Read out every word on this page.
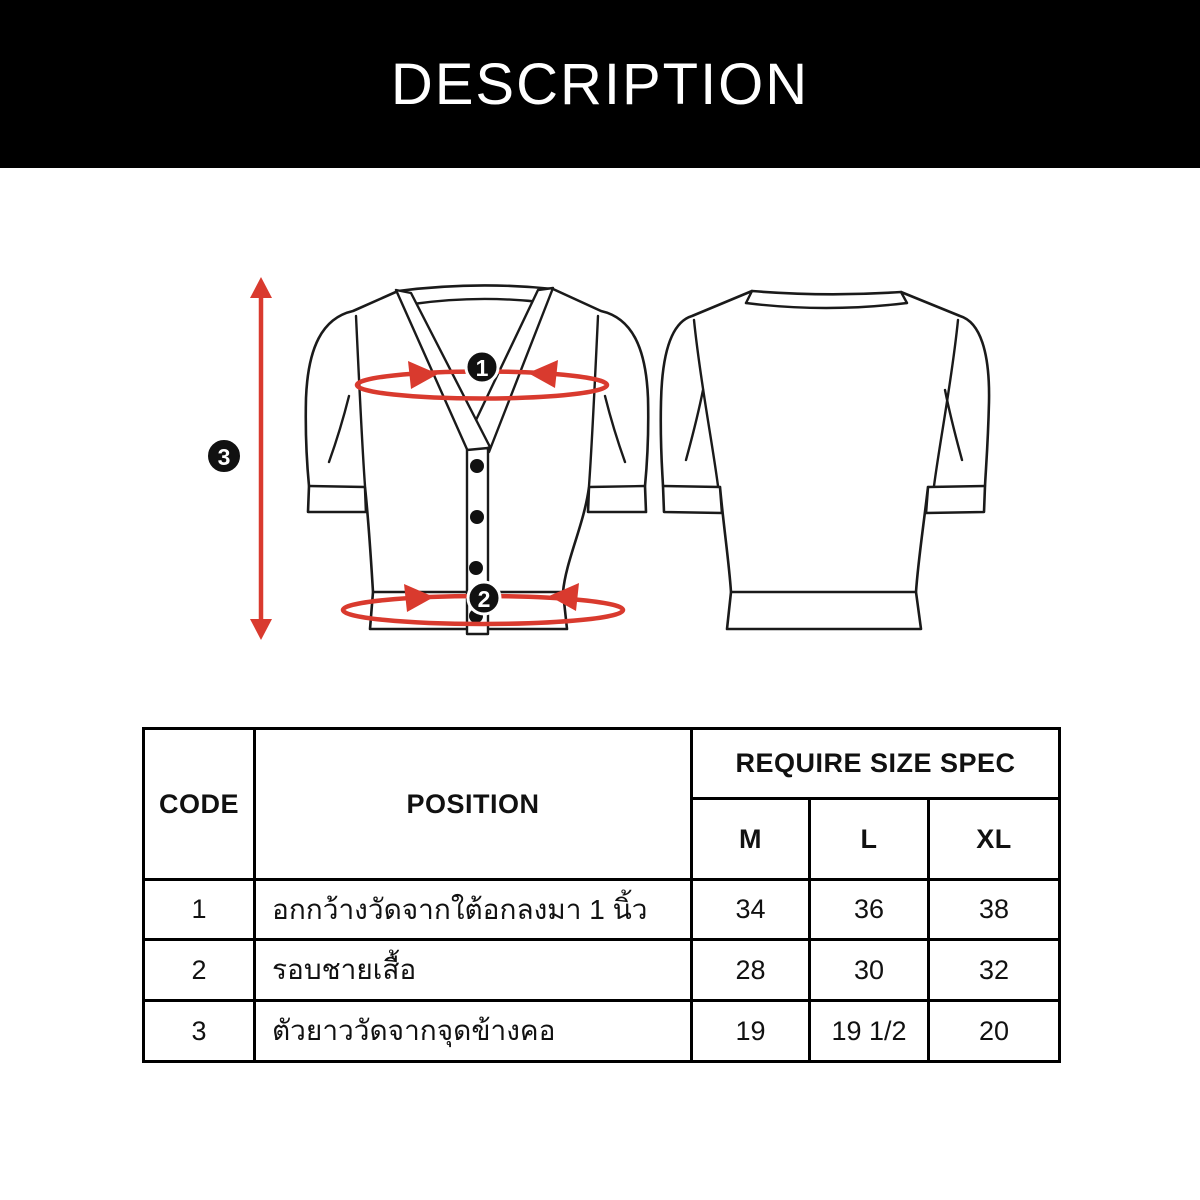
DESCRIPTION
1
2
3
CODE	POSITION	REQUIRE SIZE SPEC		
		M	L	XL
1	อกกว้างวัดจากใต้อกลงมา 1 นิ้ว	34	36	38
2	รอบชายเสื้อ	28	30	32
3	ตัวยาววัดจากจุดข้างคอ	19	19 1/2	20
